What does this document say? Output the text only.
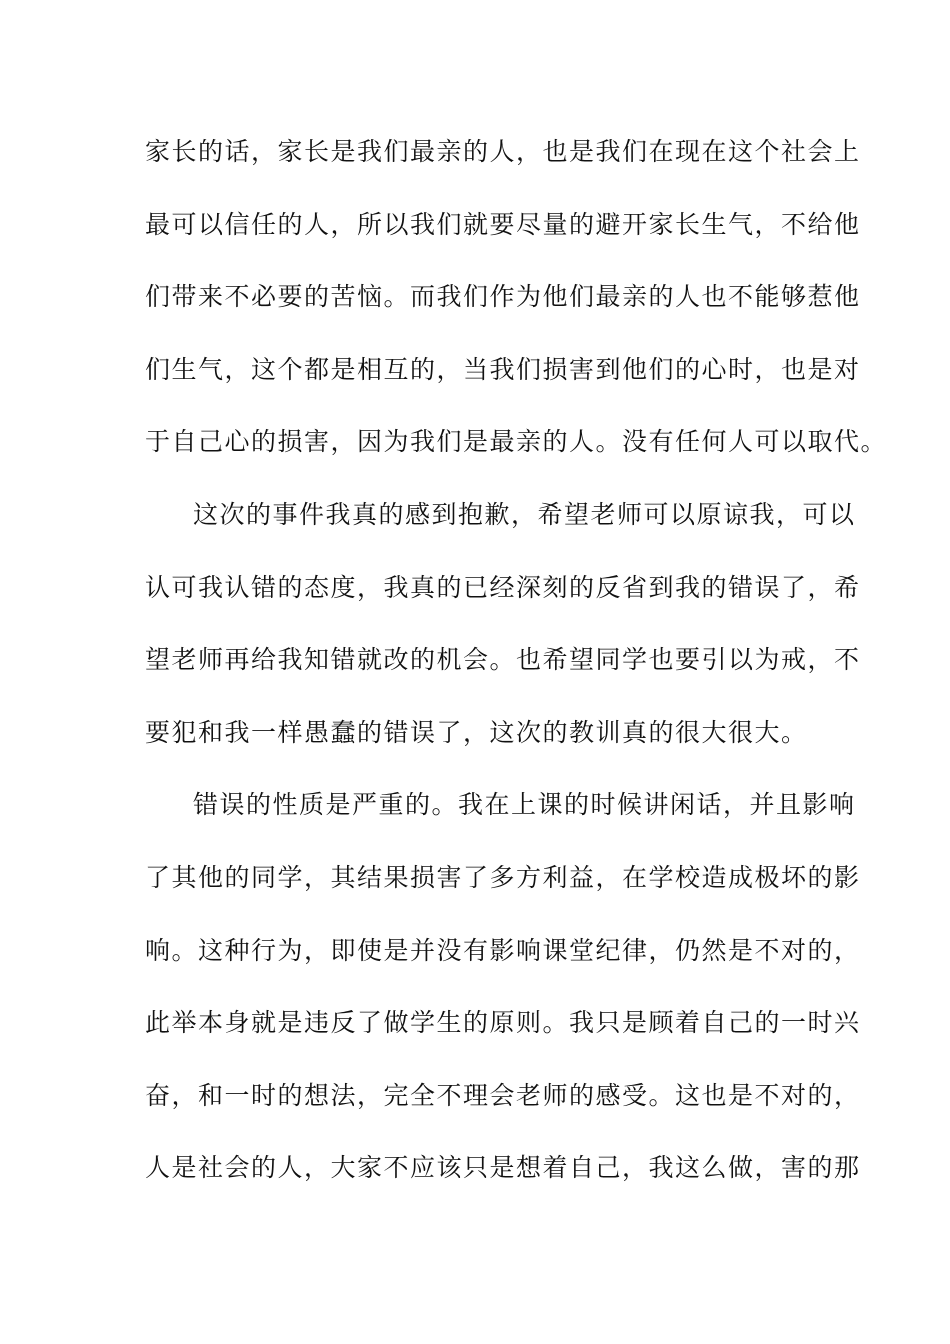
家长的话，家长是我们最亲的人，也是我们在现在这个社会上
最可以信任的人，所以我们就要尽量的避开家长生气，不给他
们带来不必要的苦恼。而我们作为他们最亲的人也不能够惹他
们生气，这个都是相互的，当我们损害到他们的心时，也是对
于自己心的损害，因为我们是最亲的人。没有任何人可以取代。
这次的事件我真的感到抱歉，希望老师可以原谅我，可以
认可我认错的态度，我真的已经深刻的反省到我的错误了，希
望老师再给我知错就改的机会。也希望同学也要引以为戒，不
要犯和我一样愚蠢的错误了，这次的教训真的很大很大。
错误的性质是严重的。我在上课的时候讲闲话，并且影响
了其他的同学，其结果损害了多方利益，在学校造成极坏的影
响。这种行为，即使是并没有影响课堂纪律，仍然是不对的，
此举本身就是违反了做学生的原则。我只是顾着自己的一时兴
奋，和一时的想法，完全不理会老师的感受。这也是不对的，
人是社会的人，大家不应该只是想着自己，我这么做，害的那
